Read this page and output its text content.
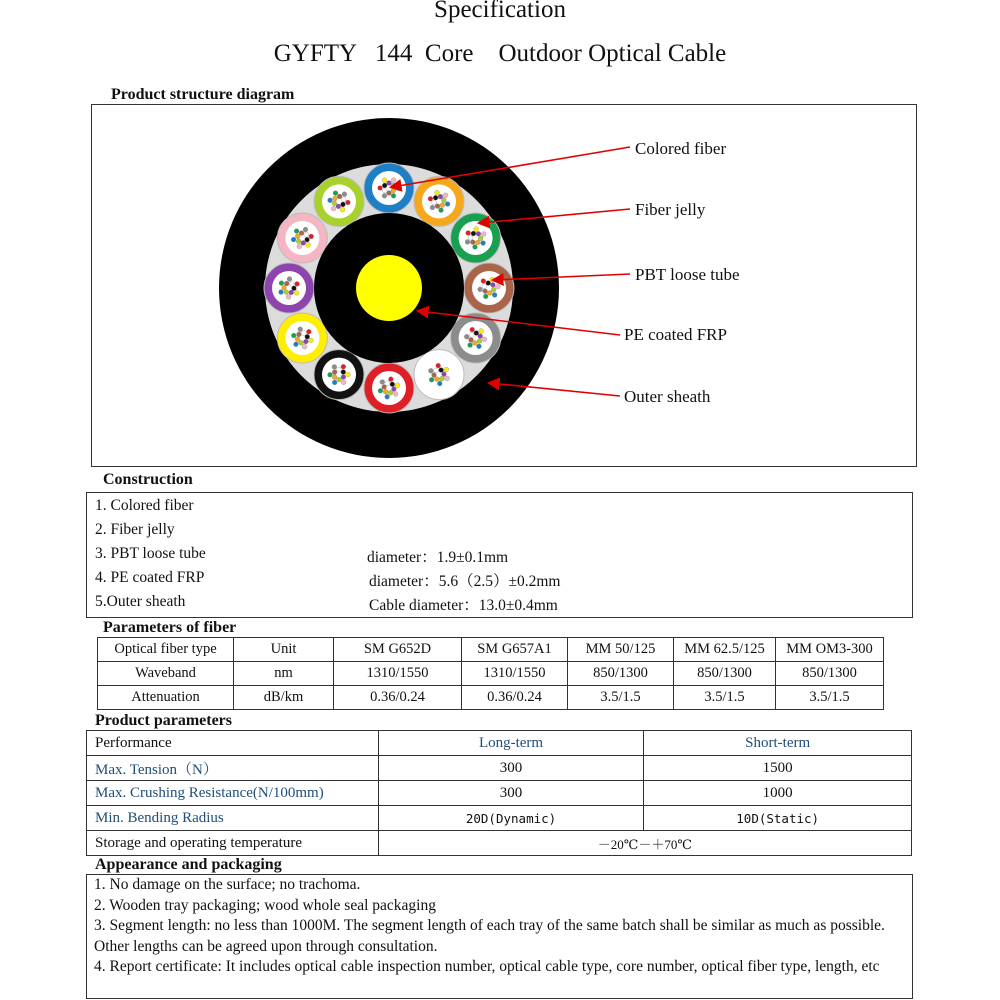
Specification
GYFTY   144  Core    Outdoor Optical Cable
Product structure diagram
Colored fiber
Fiber jelly
PBT loose tube
PE coated FRP
Outer sheath
Construction
1. Colored fiber
2. Fiber jelly
3. PBT loose tube	diameter：1.9±0.1mm
4. PE coated FRP	diameter：5.6（2.5）±0.2mm
5.Outer sheath	Cable diameter：13.0±0.4mm
Parameters of fiber
Optical fiber type	Unit	SM G652D	SM G657A1	MM 50/125	MM 62.5/125	MM OM3-300
Waveband	nm	1310/1550	1310/1550	850/1300	850/1300	850/1300
Attenuation	dB/km	0.36/0.24	0.36/0.24	3.5/1.5	3.5/1.5	3.5/1.5
Product parameters
Performance	Long-term	Short-term
Max. Tension（N）	300	1500
Max. Crushing Resistance(N/100mm)	300	1000
Min. Bending Radius	20D(Dynamic)	10D(Static)
Storage and operating temperature	－20℃－＋70℃	
Appearance and packaging

1. No damage on the surface; no trachoma.

2. Wooden tray packaging; wood whole seal packaging

3. Segment length: no less than 1000M. The segment length of each tray of the same batch shall be similar as much as possible. Other lengths can be agreed upon through consultation.

4. Report certificate: It includes optical cable inspection number, optical cable type, core number, optical fiber type, length, etc
